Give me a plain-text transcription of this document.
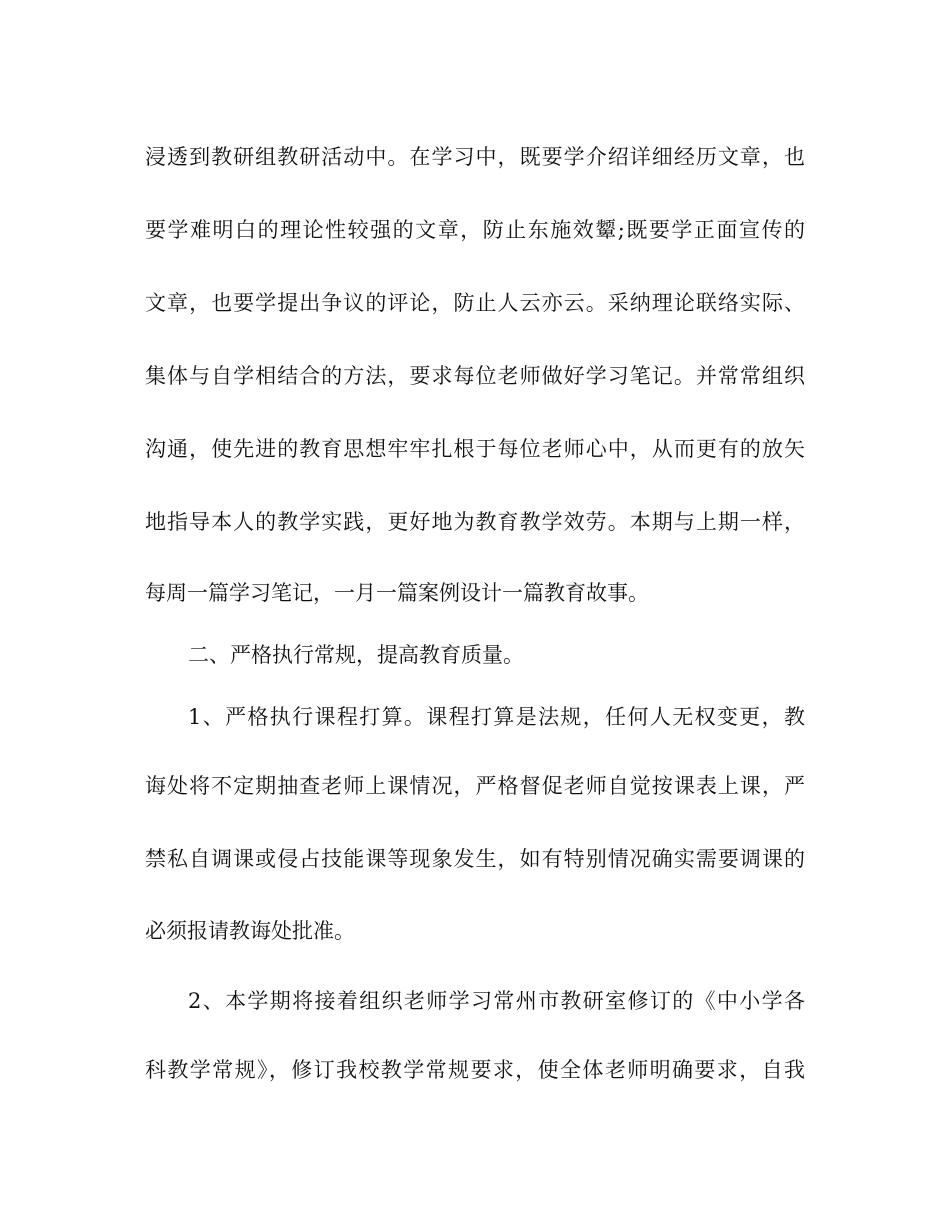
浸透到教研组教研活动中。在学习中，既要学介绍详细经历文章，也
要学难明白的理论性较强的文章，防止东施效颦;既要学正面宣传的
文章，也要学提出争议的评论，防止人云亦云。采纳理论联络实际、
集体与自学相结合的方法，要求每位老师做好学习笔记。并常常组织
沟通，使先进的教育思想牢牢扎根于每位老师心中，从而更有的放矢
地指导本人的教学实践，更好地为教育教学效劳。本期与上期一样，
每周一篇学习笔记，一月一篇案例设计一篇教育故事。
二、严格执行常规，提高教育质量。
1、严格执行课程打算。课程打算是法规，任何人无权变更，教
诲处将不定期抽查老师上课情况，严格督促老师自觉按课表上课，严
禁私自调课或侵占技能课等现象发生，如有特别情况确实需要调课的
必须报请教诲处批准。
2、本学期将接着组织老师学习常州市教研室修订的《中小学各
科教学常规》，修订我校教学常规要求，使全体老师明确要求，自我
